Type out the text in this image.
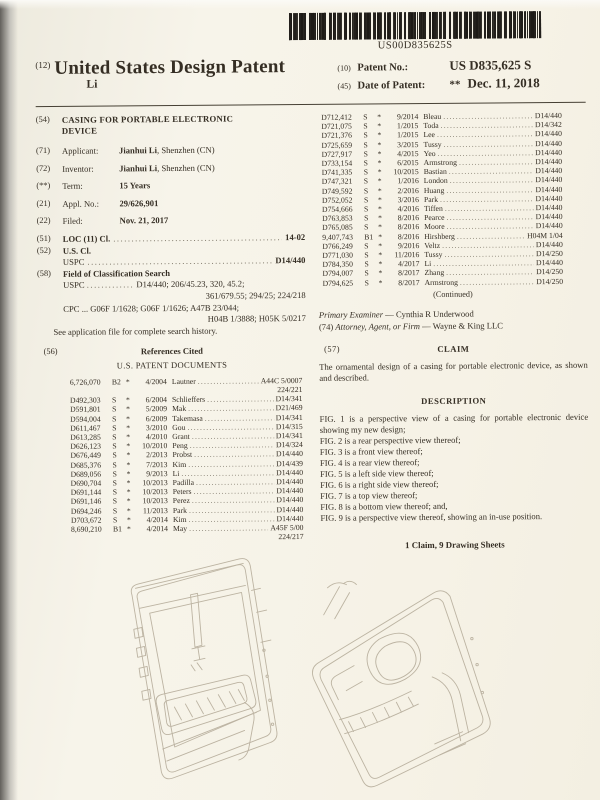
US00D835625S
$^{(12)}$ United States Design Patent
Li
(10) Patent No.:	US D835,625 S
(45) Date of Patent:	** Dec. 11, 2018
(54)	CASING FOR PORTABLE ELECTRONIC DEVICE
(71)	Applicant:	Jianhui Li, Shenzhen (CN)
(72)	Inventor:	Jianhui Li, Shenzhen (CN)
(**)	Term:	15 Years
(21)	Appl. No.:	29/626,901
(22)	Filed:	Nov. 21, 2017
(51)	LOC (11) Cl. .....	14-02
(52)	U.S. Cl.
USPC .....	D14/440
(58)	Field of Classification Search
USPC ............. D14/440; 206/45.23, 320, 45.2;
361/679.55; 294/25; 224/218
CPC ... G06F 1/1628; G06F 1/1626; A47B 23/044;
H04B 1/3888; H05K 5/0217
See application file for complete search history.
(56)	References Cited
U.S. PATENT DOCUMENTS
6,726,070	B2 *	4/2004 Lautner .....	A44C 5/0007
224/221
D492,303	S	*	6/2004 Schlieffers .....	D14/341
D591,801	S	*	5/2009 Mak .....	D21/469
D594,004	S	*	6/2009 Takemasa .....	D14/341
D611,467	S	*	3/2010 Gou .....	D14/315
D613,285	S	*	4/2010 Grant .....	D14/341
D626,123	S	*	10/2010 Peng .....	D14/324
D676,449	S	*	2/2013 Probst .....	D14/440
D685,376	S	*	7/2013 Kim .....	D14/439
D689,056	S	*	9/2013 Li .....	D14/440
D690,704	S	*	10/2013 Padilla .....	D14/440
D691,144	S	*	10/2013 Peters .....	D14/440
D691,146	S	*	10/2013 Perez .....	D14/440
D694,246	S	*	11/2013 Park .....	D14/440
D703,672	S	*	4/2014 Kim .....	D14/440
8,690,210	B1 *	4/2014 May .....	A45F 5/00
224/217
D712,412	S	*	9/2014 Bleau .....	D14/440
D721,075	S	*	1/2015 Toda .....	D14/342
D721,376	S	*	1/2015 Lee .....	D14/440
D725,659	S	*	3/2015 Tussy .....	D14/440
D727,917	S	*	4/2015 Yeo .....	D14/440
D733,154	S	*	6/2015 Armstrong .....	D14/440
D741,335	S	*	10/2015 Bastian .....	D14/440
D747,321	S	*	1/2016 London .....	D14/440
D749,592	S	*	2/2016 Huang .....	D14/440
D752,052	S	*	3/2016 Park .....	D14/440
D754,666	S	*	4/2016 Tiffen .....	D14/440
D763,853	S	*	8/2016 Pearce .....	D14/440
D765,085	S	*	8/2016 Moore .....	D14/440
9,407,743	B1 *	8/2016 Hirshberg .....	H04M 1/04
D766,249	S	*	9/2016 Veltz .....	D14/440
D771,030	S	*	11/2016 Tussy .....	D14/250
D784,350	S	*	4/2017 Li .....	D14/440
D794,007	S	*	8/2017 Zhang .....	D14/250
D794,625	S	*	8/2017 Armstrong .....	D14/250
(Continued)
Primary Examiner — Cynthia R Underwood
(74) Attorney, Agent, or Firm — Wayne & King LLC
(57)	CLAIM
The ornamental design of a casing for portable electronic device, as shown and described.
DESCRIPTION
FIG. 1 is a perspective view of a casing for portable electronic device showing my new design;
FIG. 2 is a rear perspective view thereof;
FIG. 3 is a front view thereof;
FIG. 4 is a rear view thereof;
FIG. 5 is a left side view thereof;
FIG. 6 is a right side view thereof;
FIG. 7 is a top view thereof;
FIG. 8 is a bottom view thereof; and,
FIG. 9 is a perspective view thereof, showing an in-use position.
1 Claim, 9 Drawing Sheets
